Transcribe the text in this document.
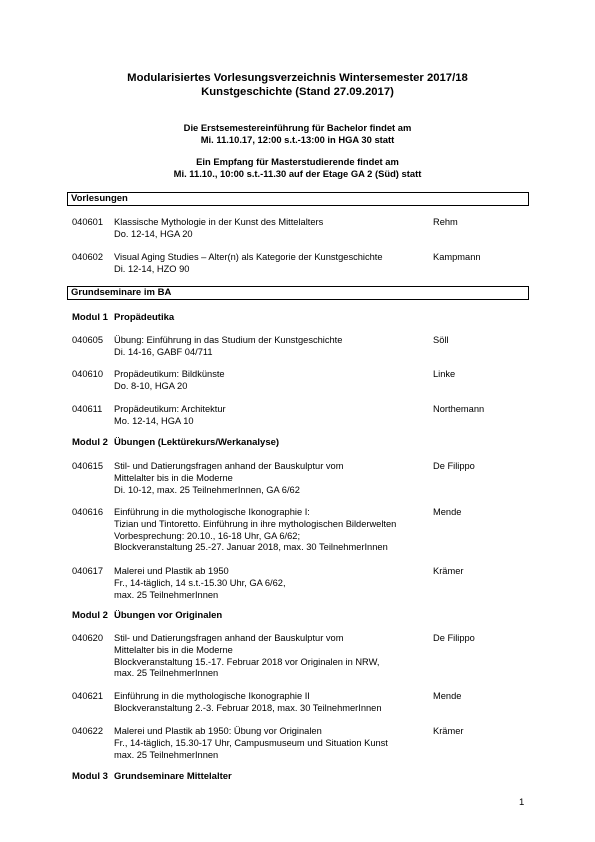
Modularisiertes Vorlesungsverzeichnis Wintersemester 2017/18
Kunstgeschichte (Stand 27.09.2017)
Die Erstsemestereinführung für Bachelor findet am
Mi. 11.10.17, 12:00 s.t.-13:00 in HGA 30 statt
Ein Empfang für Masterstudierende findet am
Mi. 11.10., 10:00 s.t.-11.30 auf der Etage GA 2 (Süd) statt
Vorlesungen
040601 Klassische Mythologie in der Kunst des Mittelalters
Do. 12-14, HGA 20
Rehm
040602 Visual Aging Studies – Alter(n) als Kategorie der Kunstgeschichte
Di. 12-14, HZO 90
Kampmann
Grundseminare im BA
Modul 1 Propädeutika
040605 Übung: Einführung in das Studium der Kunstgeschichte
Di. 14-16, GABF 04/711
Söll
040610 Propädeutikum: Bildkünste
Do. 8-10, HGA 20
Linke
040611 Propädeutikum: Architektur
Mo. 12-14, HGA 10
Northemann
Modul 2 Übungen (Lektürekurs/Werkanalyse)
040615 Stil- und Datierungsfragen anhand der Bauskulptur vom
Mittelalter bis in die Moderne
Di. 10-12, max. 25 TeilnehmerInnen, GA 6/62
De Filippo
040616 Einführung in die mythologische Ikonographie I:
Tizian und Tintoretto. Einführung in ihre mythologischen Bilderwelten
Vorbesprechung: 20.10., 16-18 Uhr, GA 6/62;
Blockveranstaltung 25.-27. Januar 2018, max. 30 TeilnehmerInnen
Mende
040617 Malerei und Plastik ab 1950
Fr., 14-täglich, 14 s.t.-15.30 Uhr, GA 6/62,
max. 25 TeilnehmerInnen
Krämer
Modul 2 Übungen vor Originalen
040620 Stil- und Datierungsfragen anhand der Bauskulptur vom
Mittelalter bis in die Moderne
Blockveranstaltung 15.-17. Februar 2018 vor Originalen in NRW,
max. 25 TeilnehmerInnen
De Filippo
040621 Einführung in die mythologische Ikonographie II
Blockveranstaltung 2.-3. Februar 2018, max. 30 TeilnehmerInnen
Mende
040622 Malerei und Plastik ab 1950: Übung vor Originalen
Fr., 14-täglich, 15.30-17 Uhr, Campusmuseum und Situation Kunst
max. 25 TeilnehmerInnen
Krämer
Modul 3 Grundseminare Mittelalter
1
